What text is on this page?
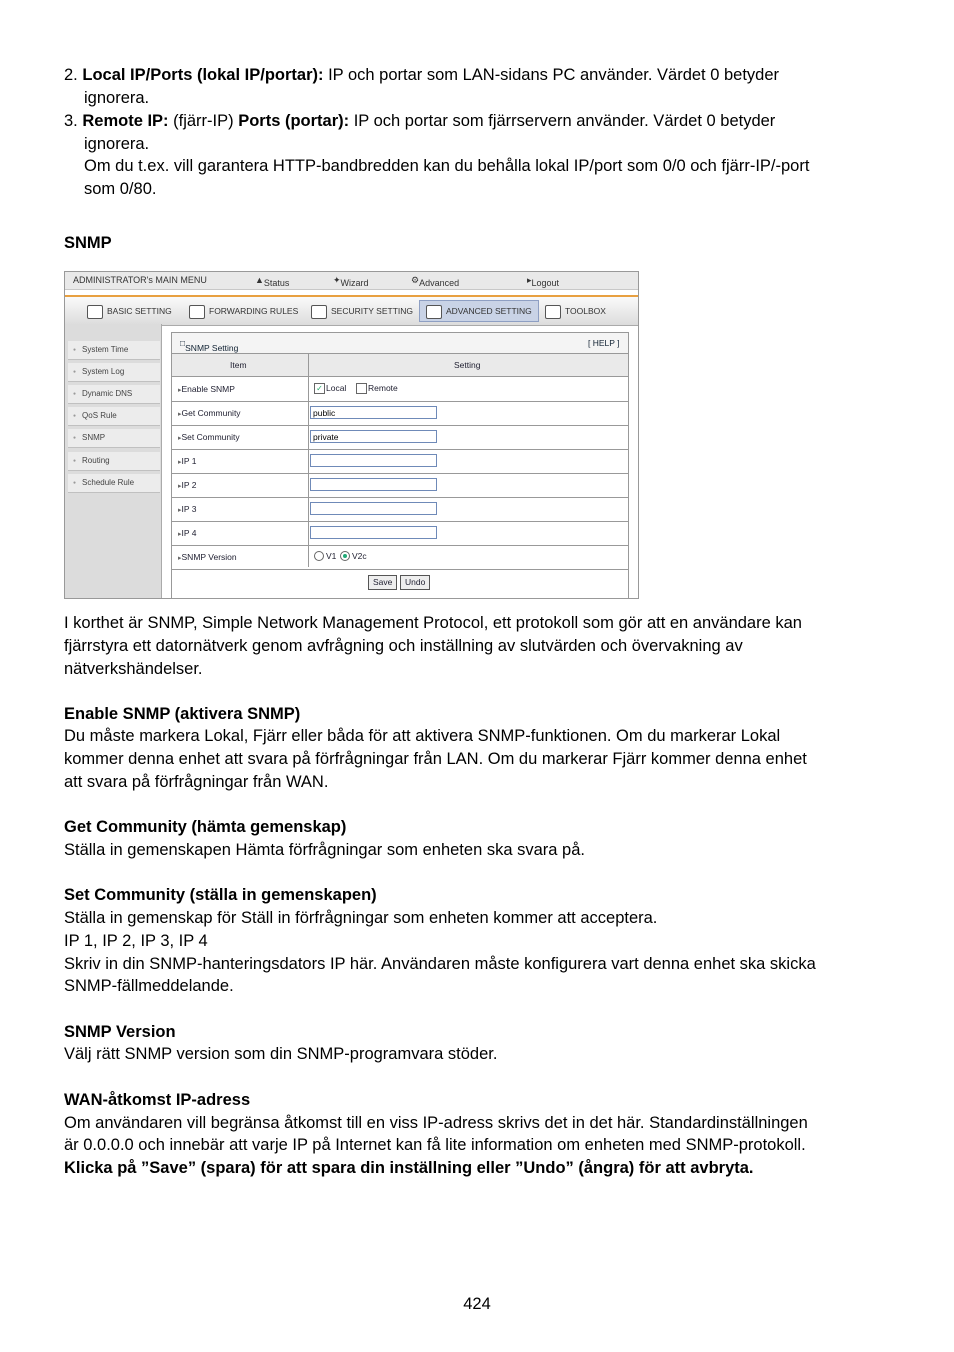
2. Local IP/Ports (lokal IP/portar): IP och portar som LAN-sidans PC använder. Värdet 0 betyder
ignorera.
3. Remote IP: (fjärr-IP) Ports (portar): IP och portar som fjärrservern använder. Värdet 0 betyder
ignorera.
Om du t.ex. vill garantera HTTP-bandbredden kan du behålla lokal IP/port som 0/0 och fjärr-IP/-port
som 0/80.
SNMP
ADMINISTRATOR's MAIN MENU	▲ Status	✦ Wizard	⚙ Advanced	▸ Logout
BASIC SETTING	FORWARDING RULES	SECURITY SETTING	ADVANCED SETTING	TOOLBOX
● System Time
● System Log
● Dynamic DNS
● QoS Rule
● SNMP
● Routing
● Schedule Rule
□ SNMP Setting	[ HELP ]
Item	Setting
▸ Enable SNMP	✓ Local	Remote
▸ Get Community	public
▸ Set Community	private
▸ IP 1
▸ IP 2
▸ IP 3
▸ IP 4
▸ SNMP Version	V1 V2c
Save	Undo
I korthet är SNMP, Simple Network Management Protocol, ett protokoll som gör att en användare kan
fjärrstyra ett datornätverk genom avfrågning och inställning av slutvärden och övervakning av
nätverkshändelser.
Enable SNMP (aktivera SNMP)
Du måste markera Lokal, Fjärr eller båda för att aktivera SNMP-funktionen. Om du markerar Lokal
kommer denna enhet att svara på förfrågningar från LAN. Om du markerar Fjärr kommer denna enhet
att svara på förfrågningar från WAN.
Get Community (hämta gemenskap)
Ställa in gemenskapen Hämta förfrågningar som enheten ska svara på.
Set Community (ställa in gemenskapen)
Ställa in gemenskap för Ställ in förfrågningar som enheten kommer att acceptera.
IP 1, IP 2, IP 3, IP 4
Skriv in din SNMP-hanteringsdators IP här. Användaren måste konfigurera vart denna enhet ska skicka
SNMP-fällmeddelande.
SNMP Version
Välj rätt SNMP version som din SNMP-programvara stöder.
WAN-åtkomst IP-adress
Om användaren vill begränsa åtkomst till en viss IP-adress skrivs det in det här. Standardinställningen
är 0.0.0.0 och innebär att varje IP på Internet kan få lite information om enheten med SNMP-protokoll.
Klicka på ”Save” (spara) för att spara din inställning eller ”Undo” (ångra) för att avbryta.
424
